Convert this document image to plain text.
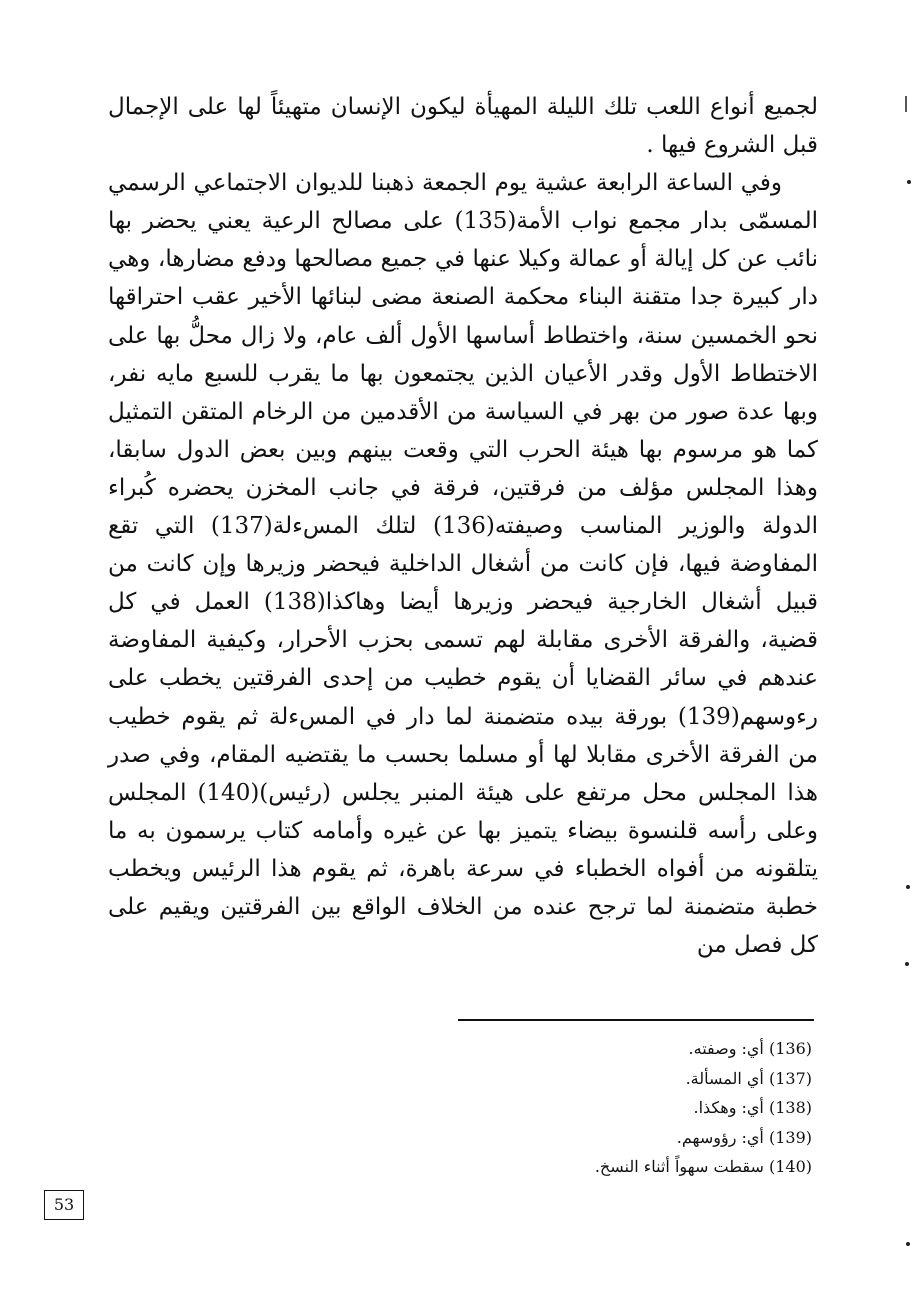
لجميع أنواع اللعب تلك الليلة المهيأة ليكون الإنسان متهيئاً لها على الإجمال قبل الشروع فيها .

وفي الساعة الرابعة عشية يوم الجمعة ذهبنا للديوان الاجتماعي الرسمي المسمّى بدار مجمع نواب الأمة(135) على مصالح الرعية يعني يحضر بها نائب عن كل إيالة أو عمالة وكيلا عنها في جميع مصالحها ودفع مضارها، وهي دار كبيرة جدا متقنة البناء محكمة الصنعة مضى لبنائها الأخير عقب احتراقها نحو الخمسين سنة، واختطاط أساسها الأول ألف عام، ولا زال محلُّ بها على الاختطاط الأول وقدر الأعيان الذين يجتمعون بها ما يقرب للسبع مايه نفر، وبها عدة صور من بهر في السياسة من الأقدمين من الرخام المتقن التمثيل كما هو مرسوم بها هيئة الحرب التي وقعت بينهم وبين بعض الدول سابقا، وهذا المجلس مؤلف من فرقتين، فرقة في جانب المخزن يحضره كُبراء الدولة والوزير المناسب وصيفته(136) لتلك المسءلة(137) التي تقع المفاوضة فيها، فإن كانت من أشغال الداخلية فيحضر وزيرها وإن كانت من قبيل أشغال الخارجية فيحضر وزيرها أيضا وهاكذا(138) العمل في كل قضية، والفرقة الأخرى مقابلة لهم تسمى بحزب الأحرار، وكيفية المفاوضة عندهم في سائر القضايا أن يقوم خطيب من إحدى الفرقتين يخطب على رءوسهم(139) بورقة بيده متضمنة لما دار في المسءلة ثم يقوم خطيب من الفرقة الأخرى مقابلا لها أو مسلما بحسب ما يقتضيه المقام، وفي صدر هذا المجلس محل مرتفع على هيئة المنبر يجلس (رئيس)(140) المجلس وعلى رأسه قلنسوة بيضاء يتميز بها عن غيره وأمامه كتاب يرسمون به ما يتلقونه من أفواه الخطباء في سرعة باهرة، ثم يقوم هذا الرئيس ويخطب خطبة متضمنة لما ترجح عنده من الخلاف الواقع بين الفرقتين ويقيم على كل فصل من

(136) أي: وصفته.
(137) أي المسألة.
(138) أي: وهكذا.
(139) أي: رؤوسهم.
(140) سقطت سهواً أثناء النسخ.
53
